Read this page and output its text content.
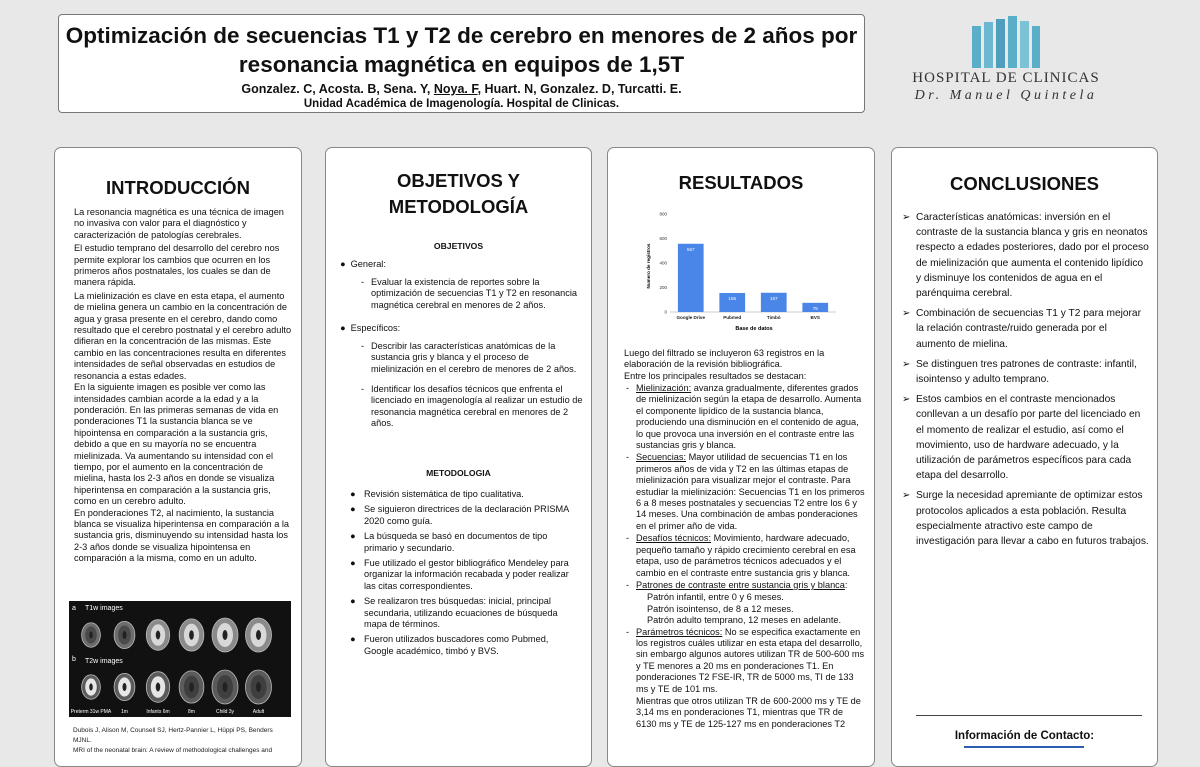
Optimización de secuencias T1 y T2 de cerebro en menores de 2 años por
resonancia magnética en equipos de 1,5T
Gonzalez. C, Acosta. B, Sena. Y, Noya. F, Huart. N, Gonzalez. D, Turcatti. E.
Unidad Académica de Imagenología. Hospital de Clinicas.
HOSPITAL DE CLINICAS
Dr. Manuel Quintela
INTRODUCCIÓN

La resonancia magnética es una técnica de imagen no invasiva con valor para el diagnóstico y caracterización de patologías cerebrales.

El estudio temprano del desarrollo del cerebro nos permite explorar los cambios que ocurren en los primeros años postnatales, los cuales se dan de manera rápida.

La mielinización es clave en esta etapa, el aumento de mielina genera un cambio en la concentración de agua y grasa presente en el cerebro, dando como resultado que el cerebro postnatal y el cerebro adulto difieran en la concentración de las mismas. Este cambio en las concentraciones resulta en diferentes intensidades de señal observadas en estudios de resonancia a estas edades.

En la siguiente imagen es posible ver como las intensidades cambian acorde a la edad y a la ponderación. En las primeras semanas de vida en ponderaciones T1 la sustancia blanca se ve hipointensa en comparación a la sustancia gris, debido a que en su mayoría no se encuentra mielinizada. Va aumentando su intensidad con el tiempo, por el aumento en la concentración de mielina, hasta los 2-3 años en donde se visualiza hiperintensa en comparación a la sustancia gris, como en un cerebro adulto.

En ponderaciones T2, al nacimiento, la sustancia blanca se visualiza hiperintensa en comparación a la sustancia gris, disminuyendo su intensidad hasta los 2-3 años donde se visualiza hipointensa en comparación a la misma, como en un adulto.

a T1w images
b T2w images
Preterm 31w PMA 1m	Infants 6m	8m	Child 3y	Adult
Dubois J, Alison M, Counsell SJ, Hertz-Pannier L, Hüppi PS, Benders MJNL.
MRI of the neonatal brain: A review of methodological challenges and
OBJETIVOS Y
METODOLOGÍA
OBJETIVOS
●  General:
- Evaluar la existencia de reportes sobre la optimización de secuencias T1 y T2 en resonancia magnética cerebral en menores de 2 años.
●  Específicos:
- Describir las características anatómicas de la sustancia gris y blanca y el proceso de mielinización en el cerebro de menores de 2 años.
- Identificar los desafíos técnicos que enfrenta el licenciado en imagenología al realizar un estudio de resonancia magnética cerebral en menores de 2 años.
METODOLOGIA
● Revisión sistemática de tipo cualitativa.
● Se siguieron directrices de la declaración PRISMA 2020 como guía.
● La búsqueda se basó en documentos de tipo primario y secundario.
● Fue utilizado el gestor bibliográfico Mendeley para organizar la información recabada y poder realizar las citas correspondientes.
● Se realizaron tres búsquedas: inicial, principal secundaria, utilizando ecuaciones de búsqueda mapa de términos.
● Fueron utilizados buscadores como Pubmed, Google académico, timbó y BVS.
RESULTADOS
0
200
400
600
800
557
Google Drive
155
Pubmed
157
Timbó
75
BVS
Base de datos
Numero de registros
Luego del filtrado se incluyeron 63 registros en la elaboración de la revisión bibliográfica.
Entre los principales resultados se destacan:
- Mielinización: avanza gradualmente, diferentes grados de mielinización según la etapa de desarrollo. Aumenta el componente lipídico de la sustancia blanca, produciendo una disminución en el contenido de agua, lo que provoca una inversión en el contraste entre las sustancias gris y blanca.
- Secuencias: Mayor utilidad de secuencias T1 en los primeros años de vida y T2 en las últimas etapas de mielinización para visualizar mejor el contraste. Para estudiar la mielinización: Secuencias T1 en los primeros 6 a 8 meses postnatales y secuencias T2 entre los 6 y 14 meses. Una combinación de ambas ponderaciones en el primer año de vida.
- Desafíos técnicos: Movimiento, hardware adecuado, pequeño tamaño y rápido crecimiento cerebral en esa etapa, uso de parámetros técnicos adecuados y el cambio en el contraste entre sustancia gris y blanca.
- Patrones de contraste entre sustancia gris y blanca:
Patrón infantil, entre 0 y 6 meses.
Patrón isointenso, de 8 a 12 meses.
Patrón adulto temprano, 12 meses en adelante.
- Parámetros técnicos: No se especifica exactamente en los registros cuáles utilizar en esta etapa del desarrollo, sin embargo algunos autores utilizan TR de 500-600 ms y TE menores a 20 ms en ponderaciones T1. En ponderaciones T2 FSE-IR, TR de 5000 ms, TI de 133 ms y TE de 101 ms.
Mientras que otros utilizan TR de 600-2000 ms y TE de
3,14 ms en ponderaciones T1, mientras que TR de
6130 ms y TE de 125-127 ms en ponderaciones T2
CONCLUSIONES
➢ Características anatómicas: inversión en el contraste de la sustancia blanca y gris en neonatos respecto a edades posteriores, dado por el proceso de mielinización que aumenta el contenido lipídico y disminuye los contenidos de agua en el parénquima cerebral.
➢ Combinación de secuencias T1 y T2 para mejorar la relación contraste/ruido generada por el aumento de mielina.
➢ Se distinguen tres patrones de contraste: infantil, isointenso y adulto temprano.
➢ Estos cambios en el contraste mencionados conllevan a un desafío por parte del licenciado en el momento de realizar el estudio, así como el movimiento, uso de hardware adecuado, y la utilización de parámetros específicos para cada etapa del desarrollo.
➢ Surge la necesidad apremiante de optimizar estos protocolos aplicados a esta población. Resulta especialmente atractivo este campo de investigación para llevar a cabo en futuros trabajos.
Información de Contacto:
